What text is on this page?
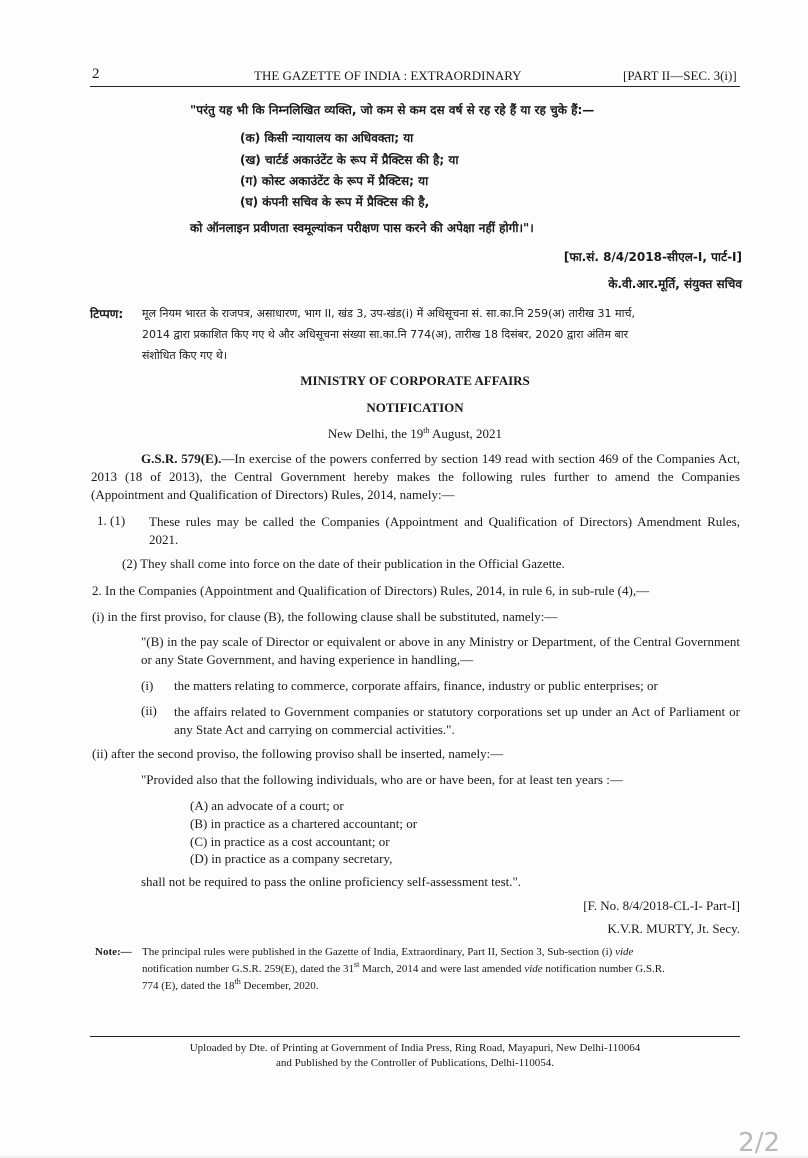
2	THE GAZETTE OF INDIA : EXTRAORDINARY	[PART II—SEC. 3(i)]
"परंतु यह भी कि निम्नलिखित व्यक्ति, जो कम से कम दस वर्ष से रह रहे हैं या रह चुके हैं:—
(क) किसी न्यायालय का अधिवक्ता; या
(ख) चार्टर्ड अकाउंटेंट के रूप में प्रैक्टिस की है; या
(ग) कोस्ट अकाउंटेंट के रूप में प्रैक्टिस; या
(घ) कंपनी सचिव के रूप में प्रैक्टिस की है,
को ऑनलाइन प्रवीणता स्वमूल्यांकन परीक्षण पास करने की अपेक्षा नहीं होगी।"।
[फा.सं. 8/4/2018-सीएल-I, पार्ट-I]
के.वी.आर.मूर्ति, संयुक्त सचिव
टिप्पण: मूल नियम भारत के राजपत्र, असाधारण, भाग II, खंड 3, उप-खंड(i) में अधिसूचना सं. सा.का.नि 259(अ) तारीख 31 मार्च,
2014 द्वारा प्रकाशित किए गए थे और अधिसूचना संख्या सा.का.नि 774(अ), तारीख 18 दिसंबर, 2020 द्वारा अंतिम बार
संशोधित किए गए थे।
MINISTRY OF CORPORATE AFFAIRS
NOTIFICATION
New Delhi, the 19th August, 2021
G.S.R. 579(E).—In exercise of the powers conferred by section 149 read with section 469 of the Companies Act, 2013 (18 of 2013), the Central Government hereby makes the following rules further to amend the Companies (Appointment and Qualification of Directors) Rules, 2014, namely:—
1. (1) These rules may be called the Companies (Appointment and Qualification of Directors) Amendment Rules, 2021.
(2) They shall come into force on the date of their publication in the Official Gazette.
2. In the Companies (Appointment and Qualification of Directors) Rules, 2014, in rule 6, in sub-rule (4),—
(i) in the first proviso, for clause (B), the following clause shall be substituted, namely:—
"(B) in the pay scale of Director or equivalent or above in any Ministry or Department, of the Central Government or any State Government, and having experience in handling,—
(i) the matters relating to commerce, corporate affairs, finance, industry or public enterprises; or
(ii) the affairs related to Government companies or statutory corporations set up under an Act of Parliament or any State Act and carrying on commercial activities.".
(ii) after the second proviso, the following proviso shall be inserted, namely:—
"Provided also that the following individuals, who are or have been, for at least ten years :—
(A) an advocate of a court; or
(B) in practice as a chartered accountant; or
(C) in practice as a cost accountant; or
(D) in practice as a company secretary,
shall not be required to pass the online proficiency self-assessment test.".
[F. No. 8/4/2018-CL-I- Part-I]
K.V.R. MURTY, Jt. Secy.
Note:— The principal rules were published in the Gazette of India, Extraordinary, Part II, Section 3, Sub-section (i) vide
notification number G.S.R. 259(E), dated the 31st March, 2014 and were last amended vide notification number G.S.R.
774 (E), dated the 18th December, 2020.
Uploaded by Dte. of Printing at Government of India Press, Ring Road, Mayapuri, New Delhi-110064
and Published by the Controller of Publications, Delhi-110054.
2/2
